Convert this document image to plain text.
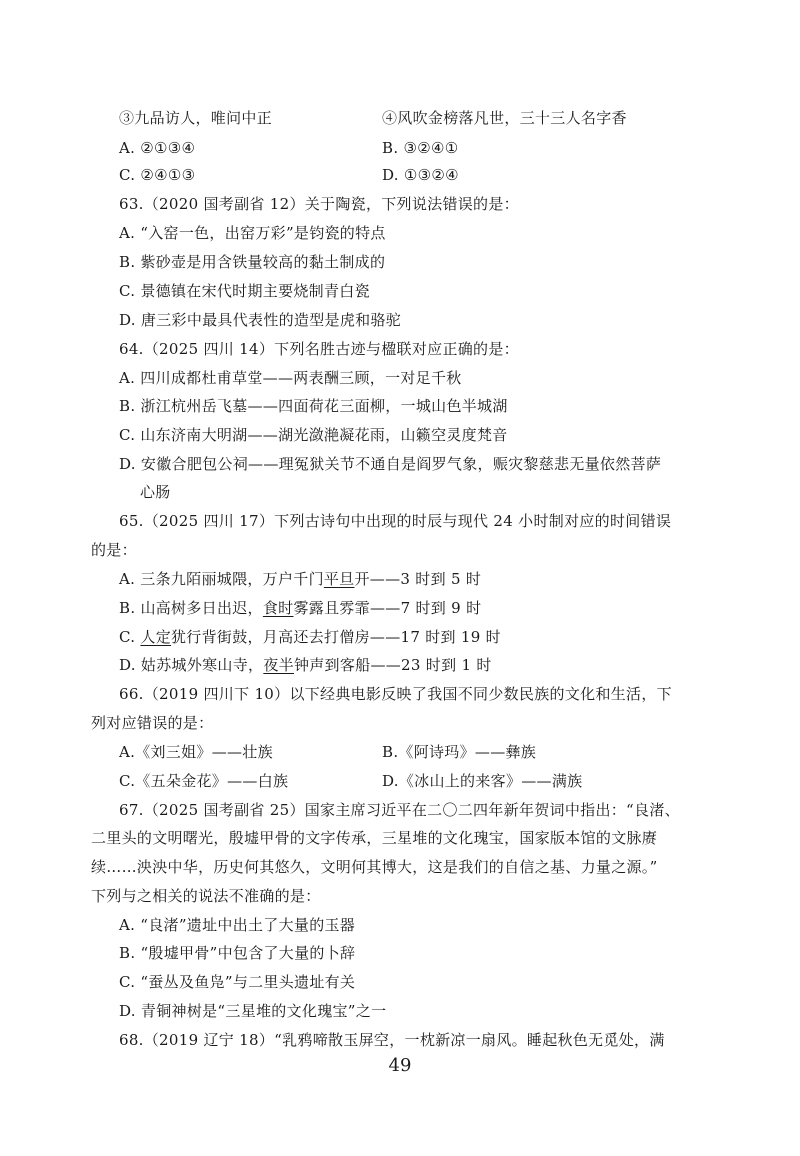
③九品访人，唯问中正	④风吹金榜落凡世，三十三人名字香
A. ②①③④	B. ③②④①
C. ②④①③	D. ①③②④
63.（2020 国考副省 12）关于陶瓷，下列说法错误的是：
A. “入窑一色，出窑万彩”是钧瓷的特点
B. 紫砂壶是用含铁量较高的黏土制成的
C. 景德镇在宋代时期主要烧制青白瓷
D. 唐三彩中最具代表性的造型是虎和骆驼
64.（2025 四川 14）下列名胜古迹与楹联对应正确的是：
A. 四川成都杜甫草堂——两表酬三顾，一对足千秋
B. 浙江杭州岳飞墓——四面荷花三面柳，一城山色半城湖
C. 山东济南大明湖——湖光潋滟凝花雨，山籁空灵度梵音
D. 安徽合肥包公祠——理冤狱关节不通自是阎罗气象，赈灾黎慈悲无量依然菩萨
心肠
65.（2025 四川 17）下列古诗句中出现的时辰与现代 24 小时制对应的时间错误
的是：
A. 三条九陌丽城隈，万户千门平旦开——3 时到 5 时
B. 山高树多日出迟，食时雾露且雰霏——7 时到 9 时
C. 人定犹行背街鼓，月高还去打僧房——17 时到 19 时
D. 姑苏城外寒山寺，夜半钟声到客船——23 时到 1 时
66.（2019 四川下 10）以下经典电影反映了我国不同少数民族的文化和生活，下
列对应错误的是：
A.《刘三姐》——壮族	B.《阿诗玛》——彝族
C.《五朵金花》——白族	D.《冰山上的来客》——满族
67.（2025 国考副省 25）国家主席习近平在二〇二四年新年贺词中指出：“良渚、
二里头的文明曙光，殷墟甲骨的文字传承，三星堆的文化瑰宝，国家版本馆的文脉赓
续……泱泱中华，历史何其悠久，文明何其博大，这是我们的自信之基、力量之源。”
下列与之相关的说法不准确的是：
A. “良渚”遗址中出土了大量的玉器
B. “殷墟甲骨”中包含了大量的卜辞
C. “蚕丛及鱼凫”与二里头遗址有关
D. 青铜神树是“三星堆的文化瑰宝”之一
68.（2019 辽宁 18）“乳鸦啼散玉屏空，一枕新凉一扇风。睡起秋色无觅处，满
49
